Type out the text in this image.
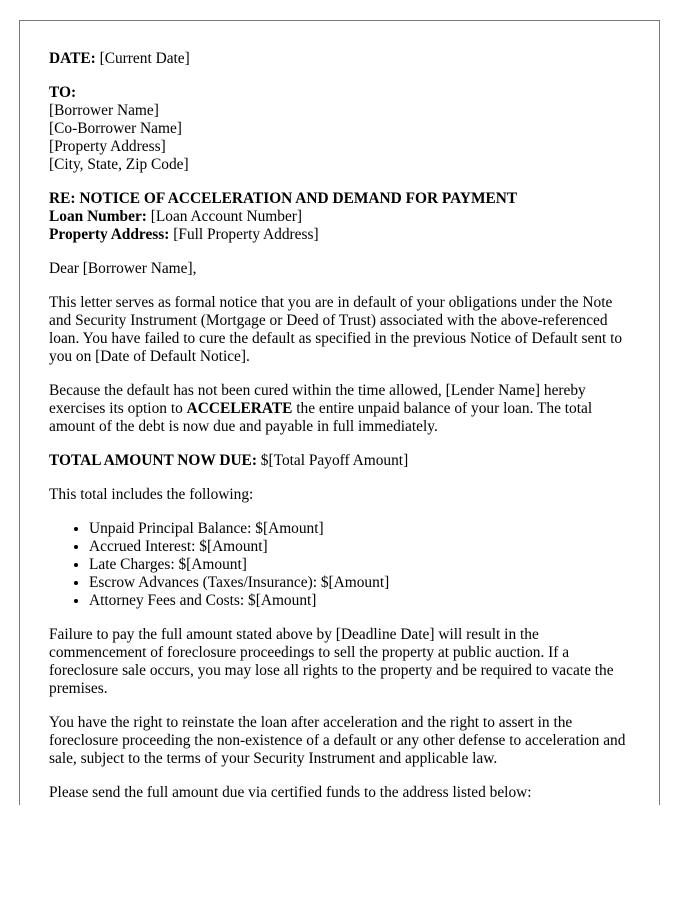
DATE: [Current Date]

TO:
[Borrower Name]
[Co-Borrower Name]
[Property Address]
[City, State, Zip Code]

RE: NOTICE OF ACCELERATION AND DEMAND FOR PAYMENT
Loan Number: [Loan Account Number]
Property Address: [Full Property Address]

Dear [Borrower Name],

This letter serves as formal notice that you are in default of your obligations under the Note and Security Instrument (Mortgage or Deed of Trust) associated with the above-referenced loan. You have failed to cure the default as specified in the previous Notice of Default sent to you on [Date of Default Notice].

Because the default has not been cured within the time allowed, [Lender Name] hereby exercises its option to ACCELERATE the entire unpaid balance of your loan. The total amount of the debt is now due and payable in full immediately.

TOTAL AMOUNT NOW DUE: $[Total Payoff Amount]

This total includes the following:

• Unpaid Principal Balance: $[Amount]
• Accrued Interest: $[Amount]
• Late Charges: $[Amount]
• Escrow Advances (Taxes/Insurance): $[Amount]
• Attorney Fees and Costs: $[Amount]

Failure to pay the full amount stated above by [Deadline Date] will result in the commencement of foreclosure proceedings to sell the property at public auction. If a foreclosure sale occurs, you may lose all rights to the property and be required to vacate the premises.

You have the right to reinstate the loan after acceleration and the right to assert in the foreclosure proceeding the non-existence of a default or any other defense to acceleration and sale, subject to the terms of your Security Instrument and applicable law.

Please send the full amount due via certified funds to the address listed below:
